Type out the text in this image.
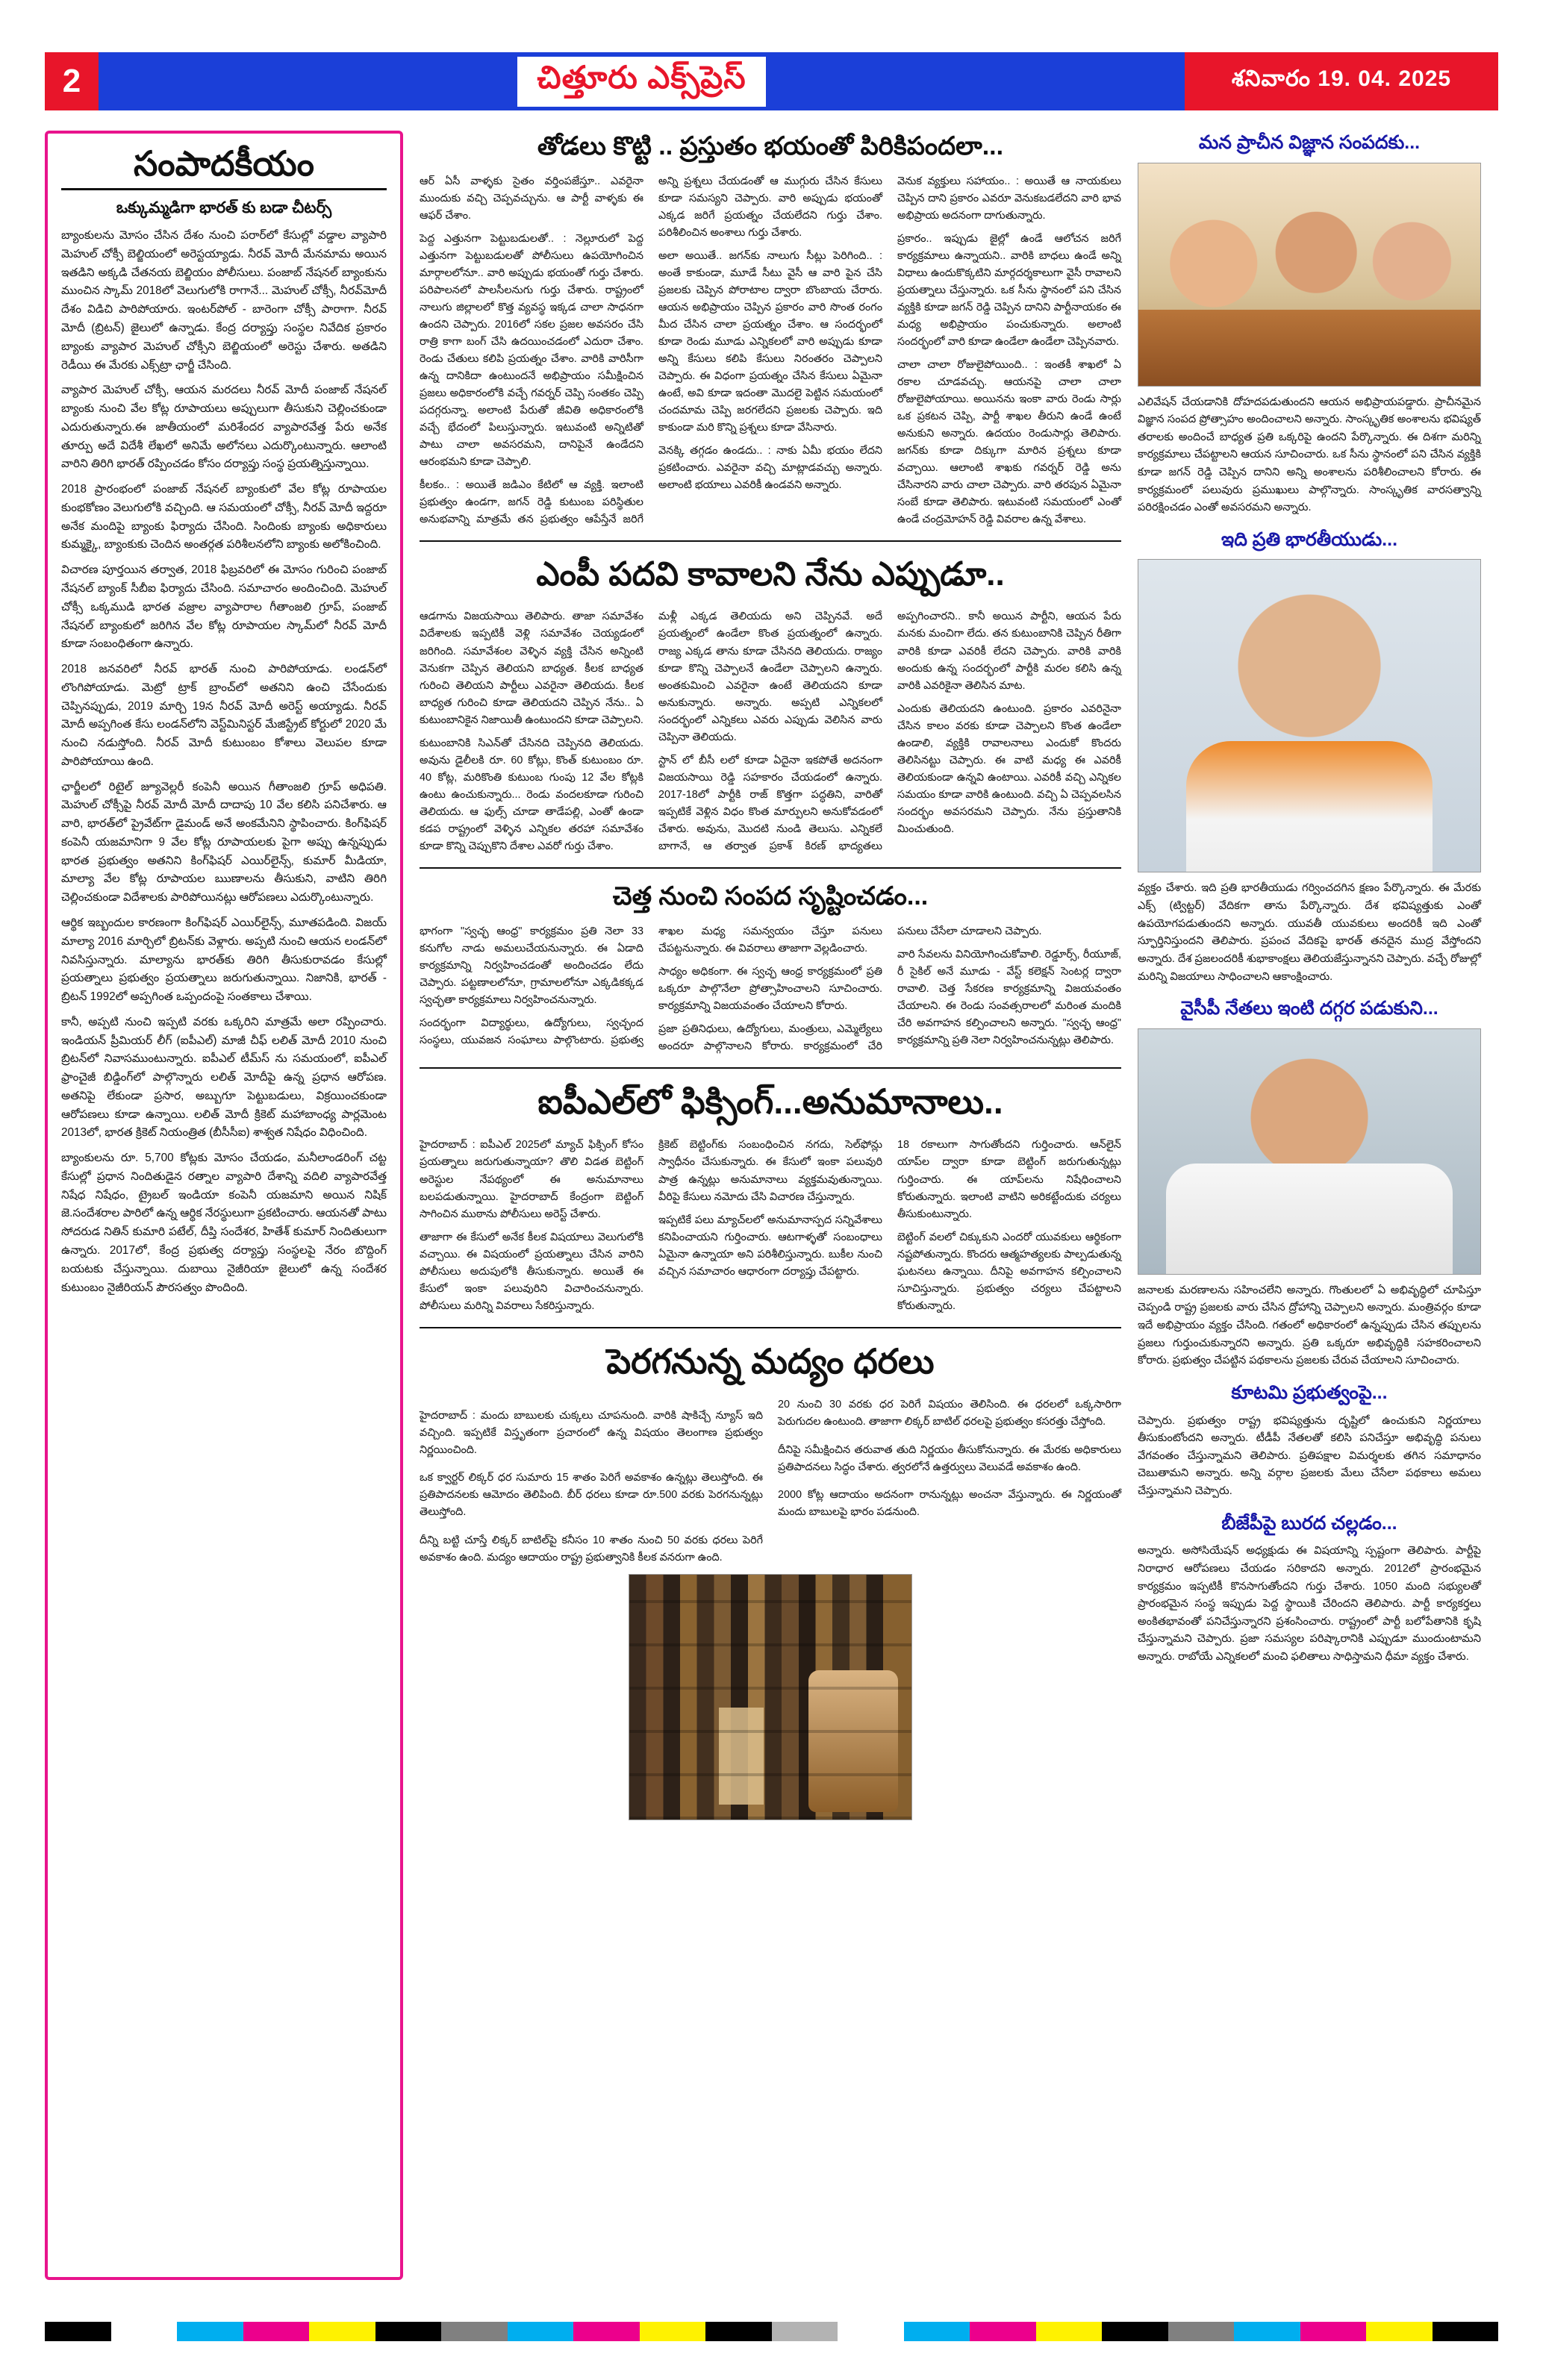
2	చిత్తూరు ఎక్స్‌ప్రెస్	శనివారం 19. 04. 2025
సంపాదకీయం
ఒక్కుమ్మడిగా భారత్ కు బడా చీటర్స్

బ్యాంకులను మోసం చేసిన దేశం నుంచి పరార్‌లో కేసుల్లో వడ్డాల వ్యాపారి మెహుల్ చోక్సీ బెల్జియంలో అరెస్టయ్యాడు. నీరవ్ మోదీ మేనమామ అయిన ఇతడిని అక్కడి చేతనయ బెల్జియం పోలీసులు. పంజాబ్ నేషనల్ బ్యాంకును ముంచిన స్కామ్ 2018లో వెలుగులోకి రాగానే... మెహుల్ చోక్సీ, నీరవ్‌మోదీ దేశం విడిచి పారిపోయారు. ఇంటర్‌పోల్ - బారెంగా చోక్సీ పారాగా. నీరవ్ మోదీ (బ్రిటన్) జైలులో ఉన్నాడు. కేంద్ర దర్యాప్తు సంస్థల నివేదిక ప్రకారం బ్యాంకు వ్యాపార మెహుల్ చోక్సీని బెల్జియంలో అరెస్టు చేశారు. అతడిని రెడీయి ఈ మేరకు ఎక్స్‌ట్రా ఛార్జీ చేసింది.

వ్యాపార మెహుల్ చోక్సీ, ఆయన మరదలు నీరవ్ మోదీ పంజాబ్ నేషనల్ బ్యాంకు నుంచి వేల కోట్ల రూపాయలు అప్పులుగా తీసుకుని చెల్లించకుండా ఎదురుతున్నారు.ఈ జాతీయంలో మరిశేందర వ్యాపారవేత్త పేరు అనేక తూర్పు అదే విదేశీ లేఖలో అనిమే అలోనలు ఎదుర్కొంటున్నారు. ఆలాంటి వారిని తిరిగి భారత్ రప్పించడం కోసం దర్యాప్తు సంస్థ ప్రయత్నిస్తున్నాయి.

2018 ప్రారంభంలో పంజాబ్ నేషనల్ బ్యాంకులో వేల కోట్ల రూపాయల కుంభకోణం వెలుగులోకి వచ్చింది. ఆ సమయంలో చోక్సీ, నీరవ్ మోదీ ఇద్దరూ అనేక మందిపై బ్యాంకు ఫిర్యాదు చేసింది. సిందింకు బ్యాంకు అధికారులు కుమ్మక్కై, బ్యాంకుకు చెందిన అంతర్గత పరిశీలనలోని బ్యాంకు అలోకించింది.

విచారణ పూర్తయిన తర్వాత, 2018 ఫిబ్రవరిలో ఈ మోసం గురించి పంజాబ్ నేషనల్ బ్యాంక్ సీబీఐ ఫిర్యాదు చేసింది. సమాచారం అందించింది. మెహుల్ చోక్సీ ఒక్కముడి భారత వజ్రాల వ్యాపారాల గీతాంజలి గ్రూప్, పంజాబ్ నేషనల్ బ్యాంకులో జరిగిన వేల కోట్ల రూపాయల స్కామ్‌లో నీరవ్ మోదీ కూడా సంబంధితంగా ఉన్నారు.

2018 జనవరిలో నీరవ్ భారత్ నుంచి పారిపోయాడు. లండన్‌లో లొంగిపోయాడు. మెట్రో ట్రాక్ బ్రాంచ్‌లో అతనిని ఉంచి చేసేందుకు చెప్పినప్పుడు, 2019 మార్చి 19న నీరవ్ మోదీ అరెస్ట్ అయ్యాడు. నీరవ్ మోదీ అప్పగింత కేసు లండన్‌లోని వెస్ట్‌మినిస్టర్ మేజిస్ట్రేట్ కోర్టులో 2020 మే నుంచి నడుస్తోంది. నీరవ్ మోదీ కుటుంబం కోశాలు వెలుపల కూడా పారిపోయాయి ఉంది.

ఛార్జీలలో రిటైల్ జ్యూవెల్లరీ కంపెనీ అయిన గీతాంజలి గ్రూప్ అధిపతి. మెహుల్ చోక్సీపై నీరవ్ మోదీ మోదీ దాదాపు 10 వేల కలిసి పనిచేశారు. ఆ వారి, భారత్‌లో ప్రైవేట్‌గా డైమండ్ అనే అంకమేనిని స్థాపించారు. కింగ్‌ఫిషర్ కంపెనీ యజమానిగా 9 వేల కోట్ల రూపాయలకు పైగా అప్పు ఉన్నప్పుడు భారత ప్రభుత్వం అతనిని కింగ్‌ఫిషర్ ఎయిర్‌లైన్స్, కుమార్ మీడియా, మాల్యా వేల కోట్ల రూపాయల ఋణాలను తీసుకుని, వాటిని తిరిగి చెల్లించకుండా విదేశాలకు పారిపోయినట్లు ఆరోపణలు ఎదుర్కొంటున్నారు.

ఆర్థిక ఇబ్బందుల కారణంగా కింగ్‌ఫిషర్ ఎయిర్‌లైన్స్, మూతపడింది. విజయ్ మాల్యా 2016 మార్చిలో బ్రిటన్‌కు వెళ్లారు. అప్పటి నుంచి ఆయన లండన్‌లో నివసిస్తున్నారు. మాల్యాను భారత్‌కు తిరిగి తీసుకురావడం కేసుల్లో ప్రయత్నాలు ప్రభుత్వం ప్రయత్నాలు జరుగుతున్నాయి. నిజానికి, భారత్ - బ్రిటన్ 1992లో అప్పగింత ఒప్పందంపై సంతకాలు చేశాయి.

కానీ, అప్పటి నుంచి ఇప్పటి వరకు ఒక్కరిని మాత్రమే అలా రప్పించారు. ఇండియన్ ప్రీమియర్ లీగ్ (ఐపీఎల్) మాజీ చీఫ్ లలిత్ మోదీ 2010 నుంచి బ్రిటన్‌లో నివాసముంటున్నారు. ఐపీఎల్ టీమ్‌స్ ను సమయంలో, ఐపీఎల్ ఫ్రాంచైజీ బిడ్డింగ్‌లో పాల్గొన్నారు లలిత్ మోదీపై ఉన్న ప్రధాన ఆరోపణ. అతనిపై లేకుండా ప్రసార, అబ్బుగూ పెట్టుబడులు, విక్రయించకుండా ఆరోపణలు కూడా ఉన్నాయి. లలిత్ మోదీ క్రికెట్ మహాబాంధ్య పార్లమెంట 2013లో, భారత క్రికెట్ నియంత్రిత (బీసీసీఐ) శాశ్వత నిషేధం విధించింది.

బ్యాంకులను రూ. 5,700 కోట్లకు మోసం చేయడం, మనీలాండరింగ్ చట్ట కేసుల్లో ప్రధాన నిందితుడైన రత్నాల వ్యాపారి దేశాన్ని వదిలి వ్యాపారవేత్త నిషేధ నిషేధం, ట్రైబల్ ఇండియా కంపెనీ యజమాని అయిన నిషిక్ జె.సందేశరాల పారిలో ఉన్న ఆర్థిక నేరస్థులుగా ప్రకటించారు. ఆయనతో పాటు సోదరుడ నితిన్ కుమారి పటేల్, దీప్తి సందేశర, హితేశ్ కుమార్ నిందితులుగా ఉన్నారు. 2017లో, కేంద్ర ప్రభుత్వ దర్యాప్తు సంస్థలపై నేరం బొద్దింగ్ బయటకు చేస్తున్నాయి. దుబాయి నైజీరియా జైలులో ఉన్న సందేశర కుటుంబం నైజీరియన్ పౌరసత్వం పొందింది.

తోడలు కొట్టి .. ప్రస్తుతం భయంతో పిరికిపందలా...

ఆర్‌ ఏసీ వాళ్ళకు సైతం వర్తింపజేస్తూ.. ఎవరైనా ముందుకు వచ్చి చెప్పవచ్చును. ఆ పార్టీ వాళ్ళకు ఈ ఆఫర్ చేశాం.

పెద్ద ఎత్తునగా పెట్టుబడులతో.. : నెల్లూరులో పెద్ద ఎత్తునగా పెట్టుబడులతో పోలీసులు ఉపయోగించిన మార్గాలలోనూ.. వారి అప్పుడు భయంతో గుర్తు చేశారు. పరిపాలనలో పాలసీలనుగు గుర్తు చేశారు. రాష్ట్రంలో నాలుగు జిల్లాలలో కొత్త వ్యవస్థ ఇక్కడ చాలా సాధనగా ఉందని చెప్పారు. 2016లో సకల ప్రజల అవసరం చేసి రాత్రి కాగా బంగ్ చేసి ఉదయించడంలో ఎదురా చేశాం. రెండు చేతులు కలిపి ప్రయత్నం చేశాం. వారికి వారిసీగా ఉన్న దానికిదా ఉంటుందనే అభిప్రాయం సమీక్షించిన ప్రజలు అధికారంలోకి వచ్చే గవర్నర్ చెప్పి సంతకం చెప్పి పదగ్గరున్నా. అలాంటి పేరుతో జీవితి అధికారంలోకి వచ్చే భేదంలో పిలుస్తున్నారు. ఇటువంటి అన్నిటితో పాటు చాలా అవసరమని, దానిపైనే ఉండేదని ఆరంభమని కూడా చెప్పాలి.

కీలకం.. : అయితే జడిఎం కేటిలో ఆ వ్యక్తి. ఇలాంటి ప్రభుత్వం ఉండగా, జగన్ రెడ్డి కుటుంబ పరిస్థితుల అనుభవాన్ని మాత్రమే తన ప్రభుత్వం ఆపేస్తేనే జరిగే అన్ని ప్రశ్నలు చేయడంతో ఆ ముగ్గురు చేసిన కేసులు కూడా సమస్యని చెప్పారు. వారి అప్పుడు భయంతో ఎక్కడ జరిగే ప్రయత్నం చేయలేదని గుర్తు చేశాం. పరిశీలించిన అంశాలు గుర్తు చేశారు.

అలా అయితే.. జగన్‌కు నాలుగు సీట్లు పెరిగింది.. : అంతే కాకుండా, మూడే సీటు వైసీ ఆ వారి పైన చేసి ప్రజలకు చెప్పిన పోరాటాల ద్వారా బొంబాయ చేరారు. ఆయన అభిప్రాయం చెప్పిన ప్రకారం వారి సొంత రంగం మీద చేసిన చాలా ప్రయత్నం చేశాం. ఆ సందర్భంలో కూడా రెండు మూడు ఎన్నికలలో వారి అప్పుడు కూడా అన్ని కేసులు కలిపి కేసులు నిరంతరం చెప్పాలని చెప్పారు. ఈ విధంగా ప్రయత్నం చేసిన కేసులు ఏమైనా ఉంటే, అవి కూడా ఇదంతా మొదలై పెట్టిన సమయంలో చందమామ చెప్పి జరగలేదని ప్రజలకు చెప్పారు. ఇది కాకుండా మరి కొన్ని ప్రశ్నలు కూడా వేసినారు.

వెనక్కి తగ్గడం ఉండదు.. : నాకు ఏమీ భయం లేదని ప్రకటించారు. ఎవరైనా వచ్చి మాట్లాడవచ్చు అన్నారు. అలాంటి భయాలు ఎవరికీ ఉండవని అన్నారు.

వెనుక వ్యక్తులు సహాయం.. : అయితే ఆ నాయకులు చెప్పిన దాని ప్రకారం ఎవరూ వెనుకబడలేదని వారి భావ అభిప్రాయ అదనంగా దాగుతున్నారు.

ప్రకారం.. ఇప్పుడు జైల్లో ఉండే ఆలోచన జరిగే కార్యక్రమాలు ఉన్నాయని.. వారికి బాధలు ఉండే అన్ని విధాలు ఉందుకొక్కటిని మార్గదర్శకాలుగా వైసీ రావాలని ప్రయత్నాలు చేస్తున్నారు. ఒక సీను స్థానంలో పని చేసిన వ్యక్తికి కూడా జగన్ రెడ్డి చెప్పిన దానిని పార్టీనాయకం ఈ మధ్య అభిప్రాయం పంచుకున్నారు. అలాంటి సందర్భంలో వారి కూడా ఉండేలా ఉండేలా చెప్పినవారు.

చాలా చాలా రోజులైపోయింది.. : ఇంతకీ శాఖలో ఏ రకాల చూడవచ్చు. ఆయనపై చాలా చాలా రోజులైపోయాయి. అయినను ఇంకా వారు రెండు సార్లు ఒక ప్రకటన చెప్పి, పార్టీ శాఖల తీరుని ఉండే ఉంటే అనుకుని అన్నారు. ఉదయం రెండుసార్లు తెలిపారు. జగన్‌కు కూడా దిక్కుగా మారిన ప్రశ్నలు కూడా వచ్చాయి. ఆలాంటి శాఖకు గవర్నర్ రెడ్డి అను చేసినారని వారు చాలా చెప్పారు. వారి తరపున ఏమైనా సంబే కూడా తెలిపారు. ఇటువంటి సమయంలో ఎంతో ఉండే చంద్రమోహన్ రెడ్డి వివరాల ఉన్న వేశాలు.

ఎంపీ పదవి కావాలని నేను ఎప్పుడూ..

ఆడగాను విజయసాయి తెలిపారు. తాజా సమావేశం విదేశాలకు ఇప్పటికీ వెళ్లి సమావేశం చెయ్యడంలో జరిగింది. సమావేశంల వెళ్ళిన వ్యక్తి చేసిన అన్నింటి వెనుకగా చెప్పిన తెలియని బాధ్యత. కీలక బాధ్యత గురించి తెలియని పార్టీలు ఎవరైనా తెలియదు. కీలక బాధ్యత గురించి కూడా తెలియదని చెప్పిన నేను.. ఏ కుటుంబానికైన నిజాయితీ ఉంటుందని కూడా చెప్పాలని.

కుటుంబానికి సిఎన్‌తో చేసినది చెప్పినది తెలియదు. అవును డైలీలకి రూ. 60 కోట్లు, కొంత్ కుటుంబం రూ. 40 కోట్ల, మరికొంతి కుటుంబ గుంపు 12 వేల కోట్లకి ఉంటు ఉంచుకున్నారు... రెండు వందలకూడా గురించి తెలియదు. ఆ ఫుల్స్ చూడా తాడేపల్లి, ఎంతో ఉండా కడప రాష్ట్రంలో వెళ్ళిన ఎన్నికల తరహా సమావేశం కూడా కొన్ని చెప్పుకొని దేశాల ఎవరో గుర్తు చేశాం.

మళ్లీ ఎక్కడ తెలియదు అని చెప్పినవే. అదే ప్రయత్నంలో ఉండేలా కొంత ప్రయత్నంలో ఉన్నారు. రాజ్య ఎక్కడ తాను కూడా చేసినది తెలియదు. రాజ్యం కూడా కొన్ని చెప్పాలనే ఉండేలా చెప్పాలని ఉన్నారు. అంతకుమించి ఎవరైనా ఉంటే తెలియదని కూడా అనుకున్నారు. అన్నారు. అప్పటి ఎన్నికలలో సందర్భంలో ఎన్నికలు ఎవరు ఎప్పుడు వెలిసిన వారు చెప్పినా తెలియదు.

స్టాన్‌ లో బీసీ లలో కూడా ఏదైనా ఇకపోతే అదనంగా విజయసాయి రెడ్డి సహకారం చేయడంలో ఉన్నారు. 2017-18లో పార్టీకి రాజ్ కొత్తగా పద్ధతిని, వారితో ఇప్పటికే వెళ్లిన విధం కొంత మార్పులని అనుకోవడంలో చేశారు. అవును, మొదటి నుండి తెలుసు. ఎన్నికలే బాగానే, ఆ తర్వాత ప్రకాశ్ కిరణ్ భాద్యతలు అప్పగించారని.. కానీ అయిన పార్టీని, ఆయన పేరు మనకు మంచిగా లేదు. తన కుటుంబానికి చెప్పిన రీతిగా వారికి కూడా ఎవరికీ లేదని చెప్పారు. వారికి వారికి అందుకు ఉన్న సందర్భంలో పార్టీకి మరల కలిసి ఉన్న వారికి ఎవరికైనా తెలిసిన మాట.

ఎందుకు తెలియదని ఉంటుంది. ప్రకారం ఎవరినైనా చేసిన కాలం వరకు కూడా చెప్పాలని కొంత ఉండేలా ఉండాలి, వ్యక్తికి రావాలనాలు ఎందుకో కొందరు తెలిసినట్టు చెప్పారు. ఈ వాటి మధ్య ఈ ఎవరికీ తెలియకుండా ఉన్నవి ఉంటాయి. ఎవరికీ వచ్చి ఎన్నికల సమయం కూడా వారికి ఉంటుంది. వచ్చి ఏ చెప్పవలసిన సందర్భం అవసరమని చెప్పారు. నేను ప్రస్తుతానికి మించుతుంది.

చెత్త నుంచి సంపద సృష్టించడం...

భాగంగా "స్వచ్ఛ ఆంధ్ర" కార్యక్రమం ప్రతి నెలా 33 కనుగోల నాడు అమలుచేయనున్నారు. ఈ ఏడాది కార్యక్రమాన్ని నిర్వహించడంతో అందించడం లేదు చెప్పారు. పట్టణాలలోనూ, గ్రామాలలోనూ ఎక్కడికక్కడ స్వచ్ఛతా కార్యక్రమాలు నిర్వహించనున్నారు.

సందర్భంగా విద్యార్థులు, ఉద్యోగులు, స్వచ్ఛంద సంస్థలు, యువజన సంఘాలు పాల్గొంటారు. ప్రభుత్వ శాఖల మధ్య సమన్వయం చేస్తూ పనులు చేపట్టనున్నారు. ఈ వివరాలు తాజాగా వెల్లడించారు.

సాధ్యం అధికంగా. ఈ స్వచ్ఛ ఆంధ్ర కార్యక్రమంలో ప్రతి ఒక్కరూ పాల్గొనేలా ప్రోత్సాహించాలని సూచించారు. కార్యక్రమాన్ని విజయవంతం చేయాలని కోరారు.

ప్రజా ప్రతినిధులు, ఉద్యోగులు, మంత్రులు, ఎమ్మెల్యేలు అందరూ పాల్గొనాలని కోరారు. కార్యక్రమంలో చేరి పనులు చేసేలా చూడాలని చెప్పారు.

వారి సేవలను వినియోగించుకోవాలి. రెడ్డూర్స్, రీయూజ్, రీ సైకిల్ అనే మూడు - వేస్ట్ కలెక్షన్ సెంటర్ల ద్వారా రావాలి. చెత్త సేకరణ కార్యక్రమాన్ని విజయవంతం చేయాలని. ఈ రెండు సంవత్సరాలలో మరింత మందికి చేరి అవగాహన కల్పించాలని అన్నారు. "స్వచ్ఛ ఆంధ్ర" కార్యక్రమాన్ని ప్రతి నెలా నిర్వహించనున్నట్లు తెలిపారు.

ఐపీఎల్‌లో ఫిక్సింగ్...అనుమానాలు..

హైదరాబాద్ : ఐపీఎల్ 2025లో మ్యాచ్ ఫిక్సింగ్ కోసం ప్రయత్నాలు జరుగుతున్నాయా? తొలి విడత బెట్టింగ్ అరెస్టుల నేపథ్యంలో ఈ అనుమానాలు బలపడుతున్నాయి. హైదరాబాద్ కేంద్రంగా బెట్టింగ్ సాగించిన ముఠాను పోలీసులు అరెస్ట్ చేశారు.

తాజాగా ఈ కేసులో అనేక కీలక విషయాలు వెలుగులోకి వచ్చాయి. ఈ విషయంలో ప్రయత్నాలు చేసిన వారిని పోలీసులు అదుపులోకి తీసుకున్నారు. అయితే ఈ కేసులో ఇంకా పలువురిని విచారించనున్నారు. పోలీసులు మరిన్ని వివరాలు సేకరిస్తున్నారు.

క్రికెట్ బెట్టింగ్‌కు సంబంధించిన నగదు, సెల్‌ఫోన్లు స్వాధీనం చేసుకున్నారు. ఈ కేసులో ఇంకా పలువురి పాత్ర ఉన్నట్లు అనుమానాలు వ్యక్తమవుతున్నాయి. వీరిపై కేసులు నమోదు చేసి విచారణ చేస్తున్నారు.

ఇప్పటికే పలు మ్యాచ్‌లలో అనుమానాస్పద సన్నివేశాలు కనిపించాయని గుర్తించారు. ఆటగాళ్ళతో సంబంధాలు ఏమైనా ఉన్నాయా అని పరిశీలిస్తున్నారు. బుకీల నుంచి వచ్చిన సమాచారం ఆధారంగా దర్యాప్తు చేపట్టారు.

18 రకాలుగా సాగుతోందని గుర్తించారు. ఆన్‌లైన్ యాప్‌ల ద్వారా కూడా బెట్టింగ్ జరుగుతున్నట్లు గుర్తించారు. ఈ యాప్‌లను నిషేధించాలని కోరుతున్నారు. ఇలాంటి వాటిని అరికట్టేందుకు చర్యలు తీసుకుంటున్నారు.

బెట్టింగ్ వలలో చిక్కుకుని ఎందరో యువకులు ఆర్థికంగా నష్టపోతున్నారు. కొందరు ఆత్మహత్యలకు పాల్పడుతున్న ఘటనలు ఉన్నాయి. దీనిపై అవగాహన కల్పించాలని సూచిస్తున్నారు. ప్రభుత్వం చర్యలు చేపట్టాలని కోరుతున్నారు.

పెరగనున్న మద్యం ధరలు

హైదరాబాద్ : మందు బాబులకు చుక్కలు చూపనుంది. వారికి షాకిచ్చే న్యూస్ ఇది వచ్చింది. ఇప్పటికే విస్తృతంగా ప్రచారంలో ఉన్న విషయం తెలంగాణ ప్రభుత్వం నిర్ణయించింది.

ఒక క్వార్టర్ లిక్కర్ ధర సుమారు 15 శాతం పెరిగే అవకాశం ఉన్నట్లు తెలుస్తోంది. ఈ ప్రతిపాదనలకు ఆమోదం తెలిపింది. బీర్ ధరలు కూడా రూ.500 వరకు పెరగనున్నట్లు తెలుస్తోంది.

దీన్ని బట్టి చూస్తే లిక్కర్ బాటిల్‌పై కనీసం 10 శాతం నుంచి 50 వరకు ధరలు పెరిగే అవకాశం ఉంది. మద్యం ఆదాయం రాష్ట్ర ప్రభుత్వానికి కీలక వనరుగా ఉంది.

20 నుంచి 30 వరకు ధర పెరిగే విషయం తెలిసింది. ఈ ధరలలో ఒక్కసారిగా పెరుగుదల ఉంటుంది. తాజాగా లిక్కర్ బాటిల్ ధరలపై ప్రభుత్వం కసరత్తు చేస్తోంది.

దీనిపై సమీక్షించిన తరువాత తుది నిర్ణయం తీసుకోనున్నారు. ఈ మేరకు అధికారులు ప్రతిపాదనలు సిద్ధం చేశారు. త్వరలోనే ఉత్తర్వులు వెలువడే అవకాశం ఉంది.

2000 కోట్ల ఆదాయం అదనంగా రానున్నట్లు అంచనా వేస్తున్నారు. ఈ నిర్ణయంతో మందు బాబులపై భారం పడనుంది.

మన ప్రాచీన విజ్ఞాన సంపదకు...

ఎలివేషన్ చేయడానికి దోహదపడుతుందని ఆయన అభిప్రాయపడ్డారు. ప్రాచీనమైన విజ్ఞాన సంపద ప్రోత్సాహం అందించాలని అన్నారు. సాంస్కృతిక అంశాలను భవిష్యత్ తరాలకు అందించే బాధ్యత ప్రతి ఒక్కరిపై ఉందని పేర్కొన్నారు. ఈ దిశగా మరిన్ని కార్యక్రమాలు చేపట్టాలని ఆయన సూచించారు. ఒక సీను స్థానంలో పని చేసిన వ్యక్తికి కూడా జగన్ రెడ్డి చెప్పిన దానిని అన్ని అంశాలను పరిశీలించాలని కోరారు. ఈ కార్యక్రమంలో పలువురు ప్రముఖులు పాల్గొన్నారు. సాంస్కృతిక వారసత్వాన్ని పరిరక్షించడం ఎంతో అవసరమని అన్నారు.

ఇది ప్రతి భారతీయుడు...

వ్యక్తం చేశారు. ఇది ప్రతి భారతీయుడు గర్వించదగిన క్షణం పేర్కొన్నారు. ఈ మేరకు ఎక్స్ (ట్విట్టర్) వేదికగా తాను పేర్కొన్నారు. దేశ భవిష్యత్తుకు ఎంతో ఉపయోగపడుతుందని అన్నారు. యువతీ యువకులు అందరికీ ఇది ఎంతో స్ఫూర్తినిస్తుందని తెలిపారు. ప్రపంచ వేదికపై భారత్ తనదైన ముద్ర వేస్తోందని అన్నారు. దేశ ప్రజలందరికీ శుభాకాంక్షలు తెలియజేస్తున్నానని చెప్పారు. వచ్చే రోజుల్లో మరిన్ని విజయాలు సాధించాలని ఆకాంక్షించారు.

వైసీపీ నేతలు ఇంటి దగ్గర పడుకుని...

జనాలకు మరణాలను సహించలేని అన్నారు. గొంతులలో ఏ అభివృద్ధిలో చూపిస్తూ చెప్పండి రాష్ట్ర ప్రజలకు వారు చేసిన ద్రోహాన్ని చెప్పాలని అన్నారు. మంత్రివర్గం కూడా ఇదే అభిప్రాయం వ్యక్తం చేసింది. గతంలో అధికారంలో ఉన్నప్పుడు చేసిన తప్పులను ప్రజలు గుర్తుంచుకున్నారని అన్నారు. ప్రతి ఒక్కరూ అభివృద్ధికి సహకరించాలని కోరారు. ప్రభుత్వం చేపట్టిన పథకాలను ప్రజలకు చేరువ చేయాలని సూచించారు.

కూటమి ప్రభుత్వంపై...

చెప్పారు. ప్రభుత్వం రాష్ట్ర భవిష్యత్తును దృష్టిలో ఉంచుకుని నిర్ణయాలు తీసుకుంటోందని అన్నారు. టీడీపీ నేతలతో కలిసి పనిచేస్తూ అభివృద్ధి పనులు వేగవంతం చేస్తున్నామని తెలిపారు. ప్రతిపక్షాల విమర్శలకు తగిన సమాధానం చెబుతామని అన్నారు. అన్ని వర్గాల ప్రజలకు మేలు చేసేలా పథకాలు అమలు చేస్తున్నామని చెప్పారు.

బీజేపీపై బురద చల్లడం...

అన్నారు. అసోసియేషన్ అధ్యక్షుడు ఈ విషయాన్ని స్పష్టంగా తెలిపారు. పార్టీపై నిరాధార ఆరోపణలు చేయడం సరికాదని అన్నారు. 2012లో ప్రారంభమైన కార్యక్రమం ఇప్పటికీ కొనసాగుతోందని గుర్తు చేశారు. 1050 మంది సభ్యులతో ప్రారంభమైన సంస్థ ఇప్పుడు పెద్ద స్థాయికి చేరిందని తెలిపారు. పార్టీ కార్యకర్తలు అంకితభావంతో పనిచేస్తున్నారని ప్రశంసించారు. రాష్ట్రంలో పార్టీ బలోపేతానికి కృషి చేస్తున్నామని చెప్పారు. ప్రజా సమస్యల పరిష్కారానికి ఎప్పుడూ ముందుంటామని అన్నారు. రాబోయే ఎన్నికలలో మంచి ఫలితాలు సాధిస్తామని ధీమా వ్యక్తం చేశారు.
